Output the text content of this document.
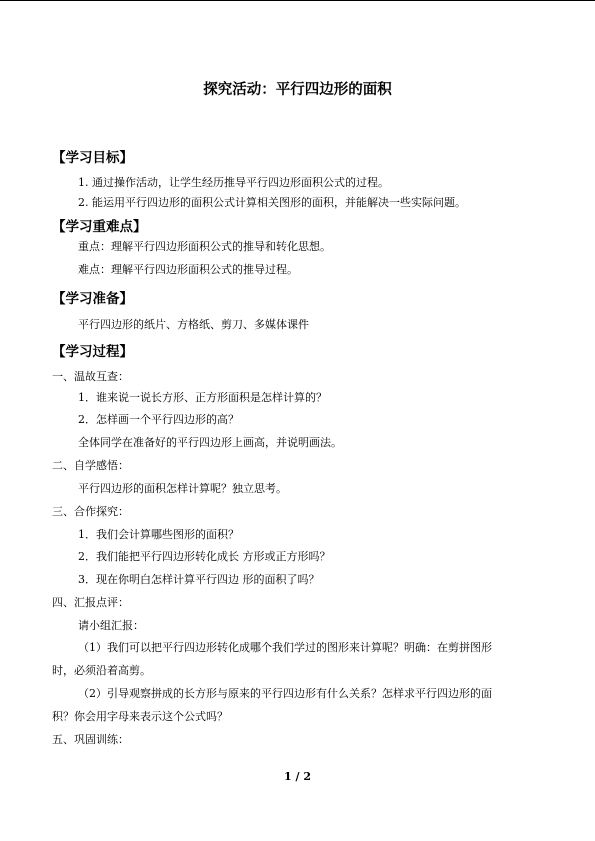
探究活动：平行四边形的面积
【学习目标】
1. 通过操作活动，让学生经历推导平行四边形面积公式的过程。
2. 能运用平行四边形的面积公式计算相关图形的面积，并能解决一些实际问题。
【学习重难点】
重点：理解平行四边形面积公式的推导和转化思想。
难点：理解平行四边形面积公式的推导过程。
【学习准备】
平行四边形的纸片、方格纸、剪刀、多媒体课件
【学习过程】
一、温故互查：
1．谁来说一说长方形、正方形面积是怎样计算的？
2．怎样画一个平行四边形的高？
全体同学在准备好的平行四边形上画高，并说明画法。
二、自学感悟：
平行四边形的面积怎样计算呢？独立思考。
三、合作探究：
1．我们会计算哪些图形的面积？
2．我们能把平行四边形转化成长 方形或正方形吗？
3．现在你明白怎样计算平行四边 形的面积了吗？
四、汇报点评：
请小组汇报：
（1）我们可以把平行四边形转化成哪个我们学过的图形来计算呢？明确：在剪拼图形
时，必须沿着高剪。
（2）引导观察拼成的长方形与原来的平行四边形有什么关系？怎样求平行四边形的面
积？你会用字母来表示这个公式吗？
五、巩固训练：
1 / 2
